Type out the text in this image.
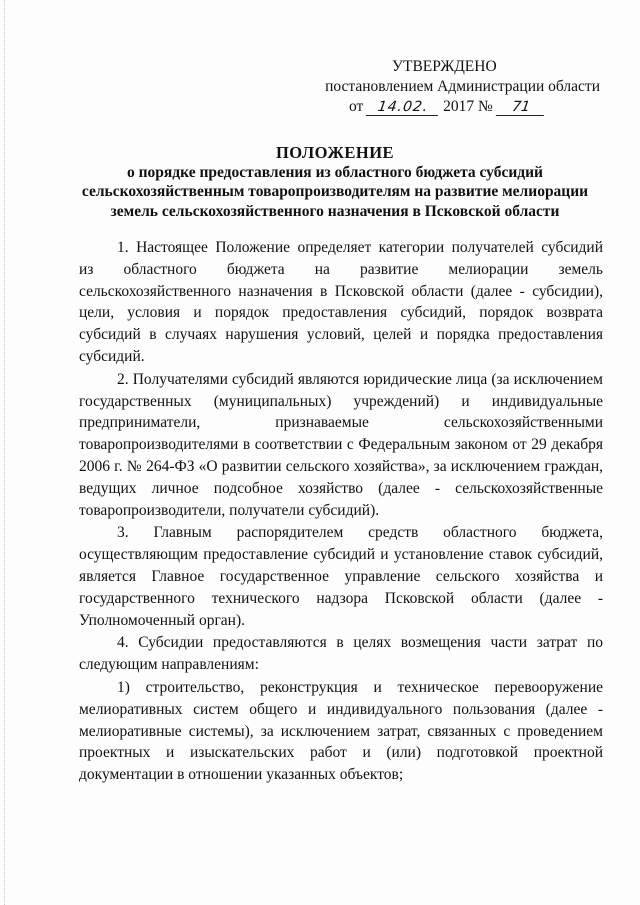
УТВЕРЖДЕНО
постановлением Администрации области
от 14.02. 2017 № 71
ПОЛОЖЕНИЕ
о порядке предоставления из областного бюджета субсидий
сельскохозяйственным товаропроизводителям на развитие мелиорации
земель сельскохозяйственного назначения в Псковской области

1. Настоящее Положение определяет категории получателей субсидий из областного бюджета на развитие мелиорации земель сельскохозяйственного назначения в Псковской области (далее - субсидии), цели, условия и порядок предоставления субсидий, порядок возврата субсидий в случаях нарушения условий, целей и порядка предоставления субсидий.

2. Получателями субсидий являются юридические лица (за исключением государственных (муниципальных) учреждений) и индивидуальные предприниматели, признаваемые сельскохозяйственными товаропроизводителями в соответствии с Федеральным законом от 29 декабря 2006 г. № 264-ФЗ «О развитии сельского хозяйства», за исключением граждан, ведущих личное подсобное хозяйство (далее - сельскохозяйственные товаропроизводители, получатели субсидий).

3. Главным распорядителем средств областного бюджета, осуществляющим предоставление субсидий и установление ставок субсидий, является Главное государственное управление сельского хозяйства и государственного технического надзора Псковской области (далее - Уполномоченный орган).

4. Субсидии предоставляются в целях возмещения части затрат по следующим направлениям:

1) строительство, реконструкция и техническое перевооружение мелиоративных систем общего и индивидуального пользования (далее - мелиоративные системы), за исключением затрат, связанных с проведением проектных и изыскательских работ и (или) подготовкой проектной документации в отношении указанных объектов;
